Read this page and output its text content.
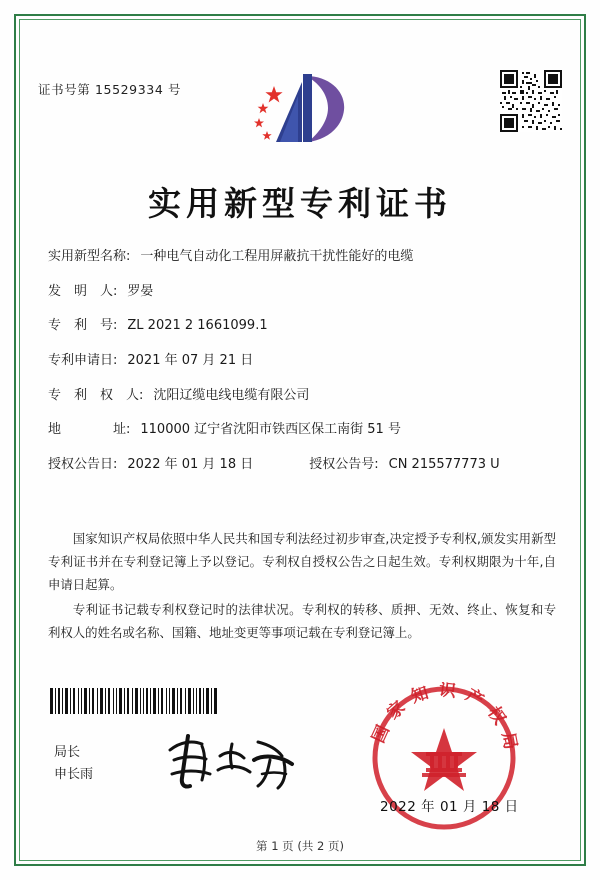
证书号第 15529334 号
实用新型专利证书
实用新型名称: 一种电气自动化工程用屏蔽抗干扰性能好的电缆
发　明　人: 罗晏
专　利　号: ZL 2021 2 1661099.1
专利申请日: 2021 年 07 月 21 日
专　利　权　人: 沈阳辽缆电线电缆有限公司
地　　　　址: 110000 辽宁省沈阳市铁西区保工南街 51 号
授权公告日: 2022 年 01 月 18 日	授权公告号: CN 215577773 U

国家知识产权局依照中华人民共和国专利法经过初步审查,决定授予专利权,颁发实用新型专利证书并在专利登记簿上予以登记。专利权自授权公告之日起生效。专利权期限为十年,自申请日起算。

专利证书记载专利权登记时的法律状况。专利权的转移、质押、无效、终止、恢复和专利权人的姓名或名称、国籍、地址变更等事项记载在专利登记簿上。

局长
申长雨
国家知识产权局
2022 年 01 月 18 日
第 1 页 (共 2 页)
